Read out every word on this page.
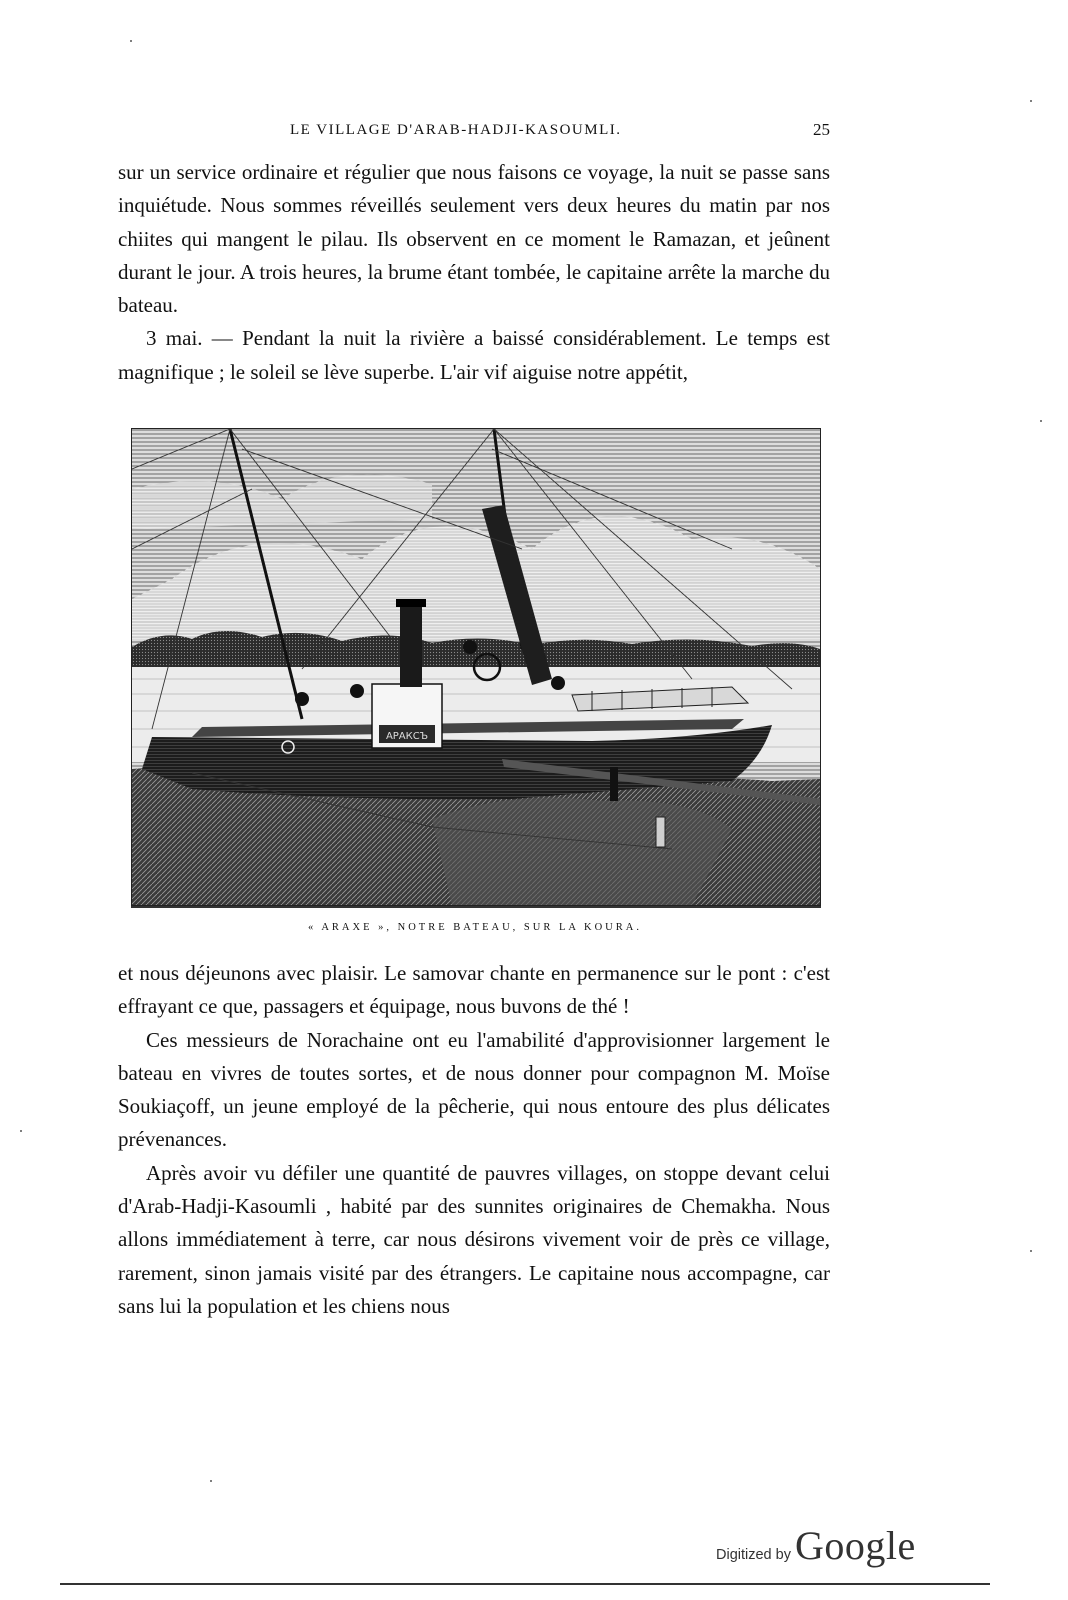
LE VILLAGE D'ARAB-HADJI-KASOUMLI.	25

sur un service ordinaire et régulier que nous faisons ce voyage, la nuit se passe sans inquiétude. Nous sommes réveillés seulement vers deux heures du matin par nos chiites qui mangent le pilau. Ils observent en ce moment le Ramazan, et jeûnent durant le jour. A trois heures, la brume étant tombée, le capitaine arrête la marche du bateau.

3 mai. — Pendant la nuit la rivière a baissé considérablement. Le temps est magnifique ; le soleil se lève superbe. L'air vif aiguise notre appétit,

АРАКСЪ
« ARAXE », NOTRE BATEAU, SUR LA KOURA.

et nous déjeunons avec plaisir. Le samovar chante en permanence sur le pont : c'est effrayant ce que, passagers et équipage, nous buvons de thé !

Ces messieurs de Norachaine ont eu l'amabilité d'approvisionner largement le bateau en vivres de toutes sortes, et de nous donner pour compagnon M. Moïse Soukiaçoff, un jeune employé de la pêcherie, qui nous entoure des plus délicates prévenances.

Après avoir vu défiler une quantité de pauvres villages, on stoppe devant celui d'Arab-Hadji-Kasoumli , habité par des sunnites originaires de Chemakha. Nous allons immédiatement à terre, car nous désirons vivement voir de près ce village, rarement, sinon jamais visité par des étrangers. Le capitaine nous accompagne, car sans lui la population et les chiens nous

Digitized by Google
